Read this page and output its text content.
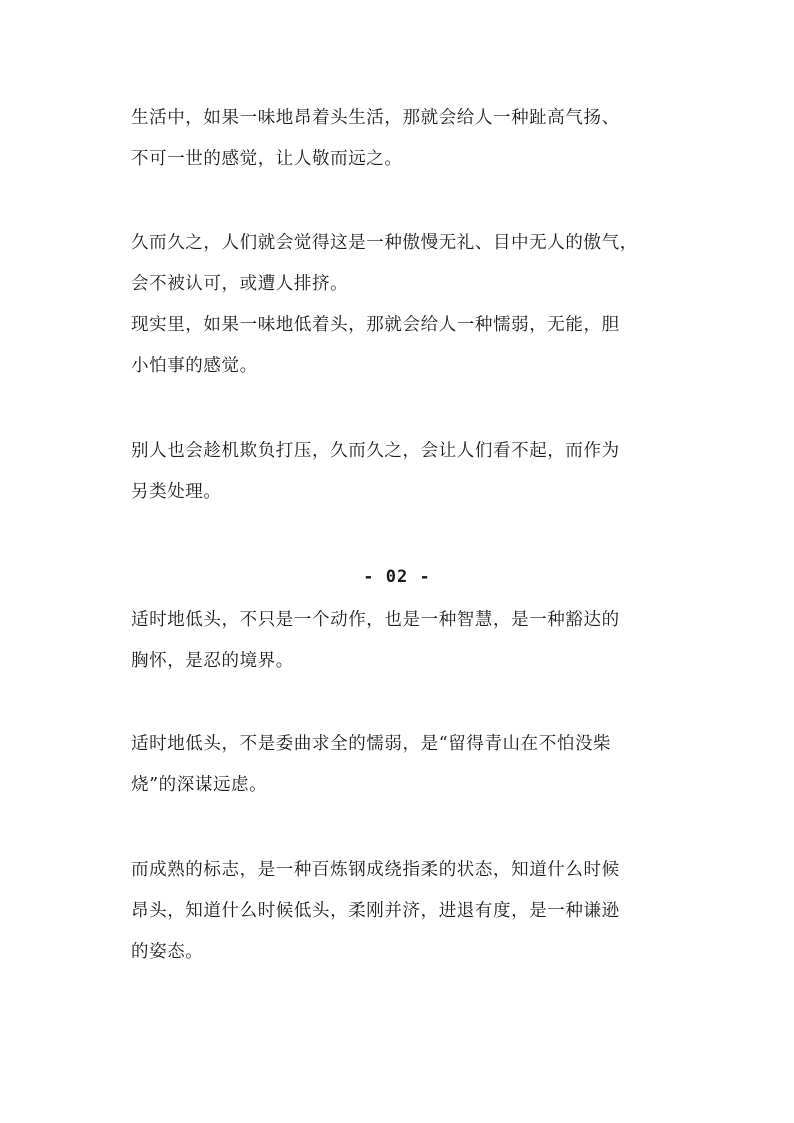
生活中，如果一味地昂着头生活，那就会给人一种趾高气扬、
不可一世的感觉，让人敬而远之。

久而久之，人们就会觉得这是一种傲慢无礼、目中无人的傲气，
会不被认可，或遭人排挤。
现实里，如果一味地低着头，那就会给人一种懦弱，无能，胆
小怕事的感觉。

别人也会趁机欺负打压，久而久之，会让人们看不起，而作为
另类处理。

- 02 -

适时地低头，不只是一个动作，也是一种智慧，是一种豁达的
胸怀，是忍的境界。

适时地低头，不是委曲求全的懦弱，是“留得青山在不怕没柴
烧”的深谋远虑。

而成熟的标志，是一种百炼钢成绕指柔的状态，知道什么时候
昂头，知道什么时候低头，柔刚并济，进退有度，是一种谦逊
的姿态。
